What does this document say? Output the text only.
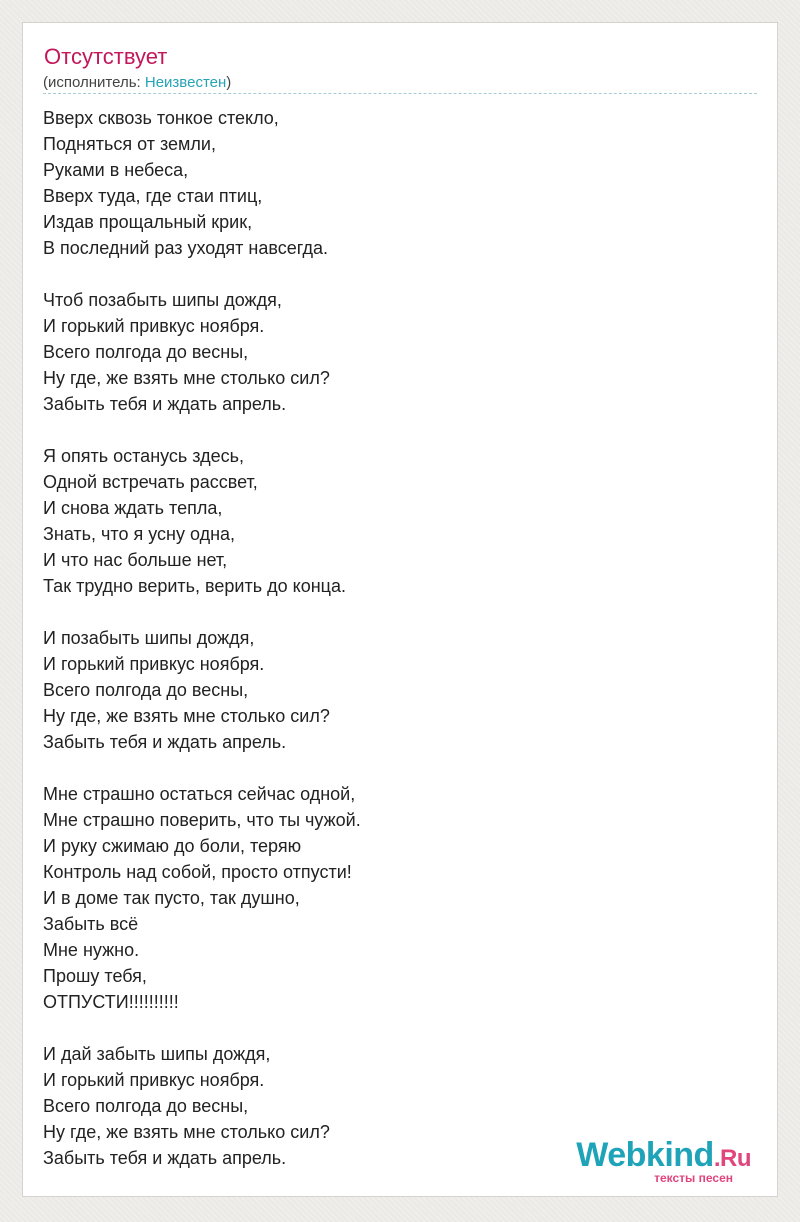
Отсутствует
(исполнитель: Неизвестен)
Вверх сквозь тонкое стекло,
Подняться от земли,
Руками в небеса,
Вверх туда, где стаи птиц,
Издав прощальный крик,
В последний раз уходят навсегда.
Чтоб позабыть шипы дождя,
И горький привкус ноября.
Всего полгода до весны,
Ну где, же взять мне столько сил?
Забыть тебя и ждать апрель.
Я опять останусь здесь,
Одной встречать рассвет,
И снова ждать тепла,
Знать, что я усну одна,
И что нас больше нет,
Так трудно верить, верить до конца.
И позабыть шипы дождя,
И горький привкус ноября.
Всего полгода до весны,
Ну где, же взять мне столько сил?
Забыть тебя и ждать апрель.
Мне страшно остаться сейчас одной,
Мне страшно поверить, что ты чужой.
И руку сжимаю до боли, теряю
Контроль над собой, просто отпусти!
И в доме так пусто, так душно,
Забыть всё
Мне нужно.
Прошу тебя,
ОТПУСТИ!!!!!!!!!!
И дай забыть шипы дождя,
И горький привкус ноября.
Всего полгода до весны,
Ну где, же взять мне столько сил?
Забыть тебя и ждать апрель.	Webkind.Ru
тексты песен
